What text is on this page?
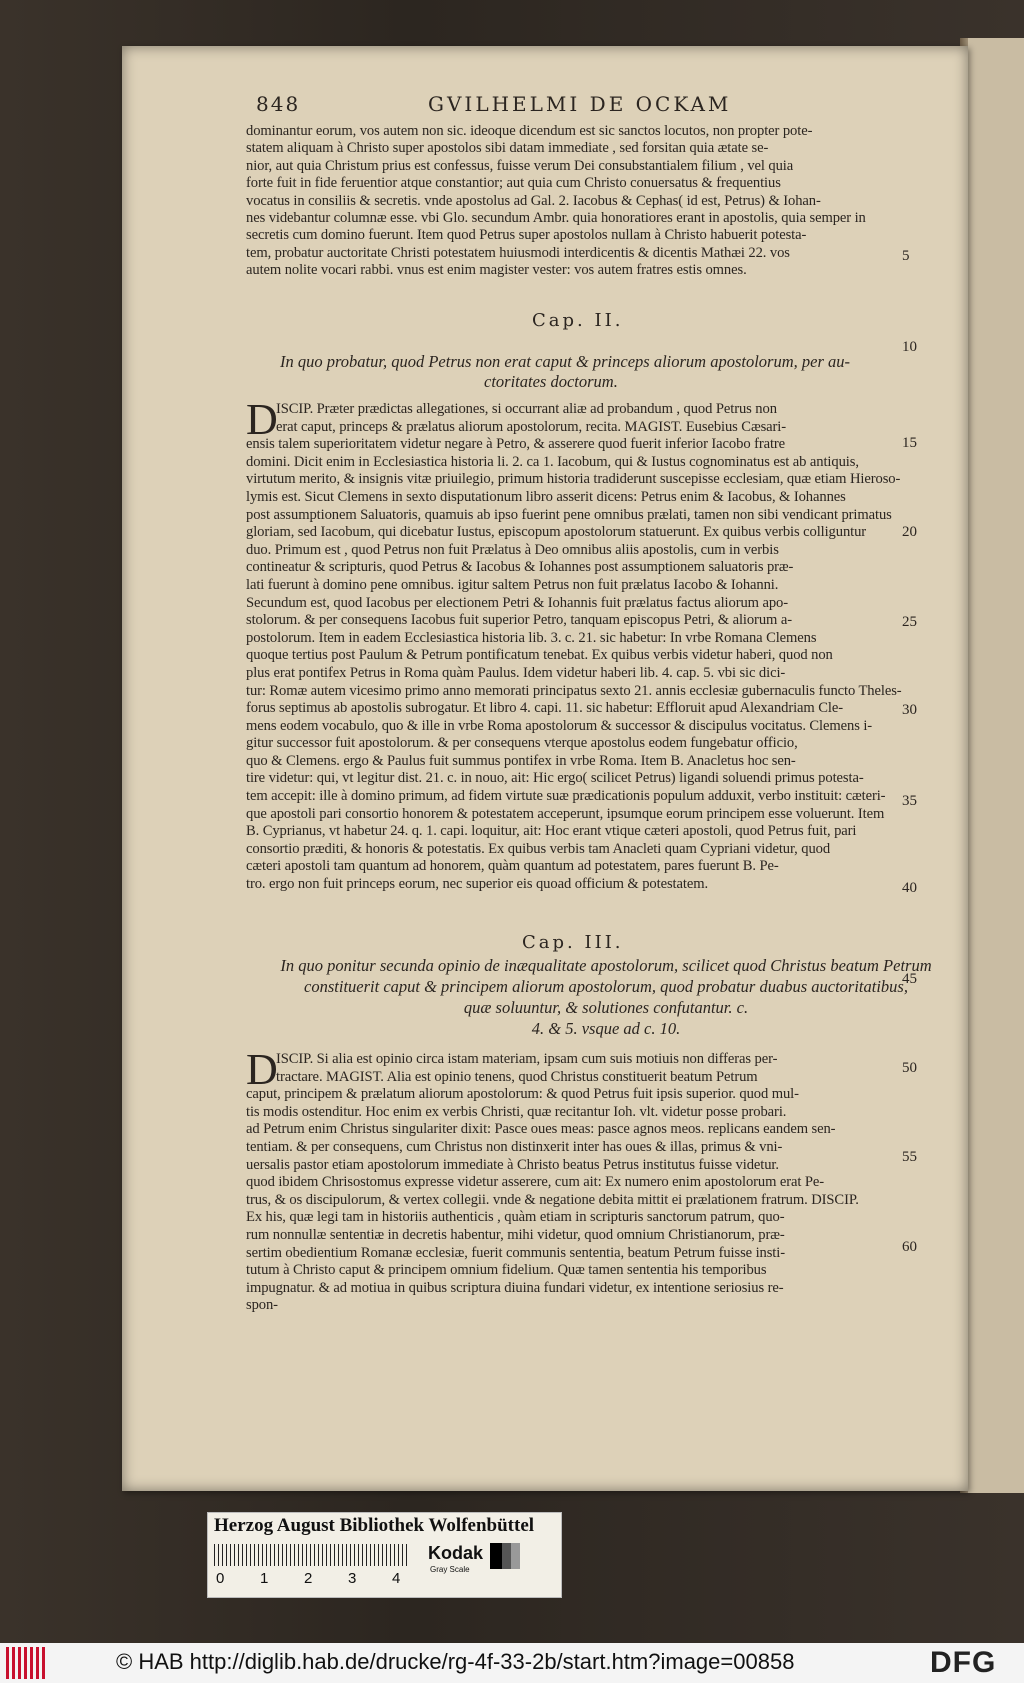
848	GVILHELMI DE OCKAM
dominantur eorum, vos autem non sic. ideoque dicendum est sic sanctos locutos, non propter pote-
statem aliquam à Christo super apostolos sibi datam immediate , sed forsitan quia ætate se-
nior, aut quia Christum prius est confessus, fuisse verum Dei consubstantialem filium , vel quia
forte fuit in fide feruentior atque constantior; aut quia cum Christo conuersatus & frequentius
vocatus in consiliis & secretis. vnde apostolus ad Gal. 2. Iacobus & Cephas( id est, Petrus) & Iohan-
nes videbantur columnæ esse. vbi Glo. secundum Ambr. quia honoratiores erant in apostolis, quia semper in
secretis cum domino fuerunt. Item quod Petrus super apostolos nullam à Christo habuerit potesta-
tem, probatur auctoritate Christi potestatem huiusmodi interdicentis & dicentis Mathæi 22. vos
autem nolite vocari rabbi. vnus est enim magister vester: vos autem fratres estis omnes.
Cap. II.
In quo probatur, quod Petrus non erat caput & princeps aliorum apostolorum, per au-
ctoritates doctorum.
D
ISCIP. Præter prædictas allegationes, si occurrant aliæ ad probandum , quod Petrus non
erat caput, princeps & prælatus aliorum apostolorum, recita. MAGIST. Eusebius Cæsari-
ensis talem superioritatem videtur negare à Petro, & asserere quod fuerit inferior Iacobo fratre
domini. Dicit enim in Ecclesiastica historia li. 2. ca 1. Iacobum, qui & Iustus cognominatus est ab antiquis,
virtutum merito, & insignis vitæ priuilegio, primum historia tradiderunt suscepisse ecclesiam, quæ etiam Hieroso-
lymis est. Sicut Clemens in sexto disputationum libro asserit dicens: Petrus enim & Iacobus, & Iohannes
post assumptionem Saluatoris, quamuis ab ipso fuerint pene omnibus prælati, tamen non sibi vendicant primatus
gloriam, sed Iacobum, qui dicebatur Iustus, episcopum apostolorum statuerunt. Ex quibus verbis colliguntur
duo. Primum est , quod Petrus non fuit Prælatus à Deo omnibus aliis apostolis, cum in verbis
contineatur & scripturis, quod Petrus & Iacobus & Iohannes post assumptionem saluatoris præ-
lati fuerunt à domino pene omnibus. igitur saltem Petrus non fuit prælatus Iacobo & Iohanni.
Secundum est, quod Iacobus per electionem Petri & Iohannis fuit prælatus factus aliorum apo-
stolorum. & per consequens Iacobus fuit superior Petro, tanquam episcopus Petri, & aliorum a-
postolorum. Item in eadem Ecclesiastica historia lib. 3. c. 21. sic habetur: In vrbe Romana Clemens
quoque tertius post Paulum & Petrum pontificatum tenebat. Ex quibus verbis videtur haberi, quod non
plus erat pontifex Petrus in Roma quàm Paulus. Idem videtur haberi lib. 4. cap. 5. vbi sic dici-
tur: Romæ autem vicesimo primo anno memorati principatus sexto 21. annis ecclesiæ gubernaculis functo Theles-
forus septimus ab apostolis subrogatur. Et libro 4. capi. 11. sic habetur: Effloruit apud Alexandriam Cle-
mens eodem vocabulo, quo & ille in vrbe Roma apostolorum & successor & discipulus vocitatus. Clemens i-
gitur successor fuit apostolorum. & per consequens vterque apostolus eodem fungebatur officio,
quo & Clemens. ergo & Paulus fuit summus pontifex in vrbe Roma. Item B. Anacletus hoc sen-
tire videtur: qui, vt legitur dist. 21. c. in nouo, ait: Hic ergo( scilicet Petrus) ligandi soluendi primus potesta-
tem accepit: ille à domino primum, ad fidem virtute suæ prædicationis populum adduxit, verbo instituit: cæteri-
que apostoli pari consortio honorem & potestatem acceperunt, ipsumque eorum principem esse voluerunt. Item
B. Cyprianus, vt habetur 24. q. 1. capi. loquitur, ait: Hoc erant vtique cæteri apostoli, quod Petrus fuit, pari
consortio præditi, & honoris & potestatis. Ex quibus verbis tam Anacleti quam Cypriani videtur, quod
cæteri apostoli tam quantum ad honorem, quàm quantum ad potestatem, pares fuerunt B. Pe-
tro. ergo non fuit princeps eorum, nec superior eis quoad officium & potestatem.
Cap. III.
In quo ponitur secunda opinio de inæqualitate apostolorum, scilicet quod Christus beatum Petrum
constituerit caput & principem aliorum apostolorum, quod probatur duabus auctoritatibus,
quæ soluuntur, & solutiones confutantur. c.
4. & 5. vsque ad c. 10.
D
ISCIP. Si alia est opinio circa istam materiam, ipsam cum suis motiuis non differas per-
tractare. MAGIST. Alia est opinio tenens, quod Christus constituerit beatum Petrum
caput, principem & prælatum aliorum apostolorum: & quod Petrus fuit ipsis superior. quod mul-
tis modis ostenditur. Hoc enim ex verbis Christi, quæ recitantur Ioh. vlt. videtur posse probari.
ad Petrum enim Christus singulariter dixit: Pasce oues meas: pasce agnos meos. replicans eandem sen-
tentiam. & per consequens, cum Christus non distinxerit inter has oues & illas, primus & vni-
uersalis pastor etiam apostolorum immediate à Christo beatus Petrus institutus fuisse videtur.
quod ibidem Chrisostomus expresse videtur asserere, cum ait: Ex numero enim apostolorum erat Pe-
trus, & os discipulorum, & vertex collegii. vnde & negatione debita mittit ei prælationem fratrum. DISCIP.
Ex his, quæ legi tam in historiis authenticis , quàm etiam in scripturis sanctorum patrum, quo-
rum nonnullæ sententiæ in decretis habentur, mihi videtur, quod omnium Christianorum, præ-
sertim obedientium Romanæ ecclesiæ, fuerit communis sententia, beatum Petrum fuisse insti-
tutum à Christo caput & principem omnium fidelium. Quæ tamen sententia his temporibus
impugnatur. & ad motiua in quibus scriptura diuina fundari videtur, ex intentione seriosius re-
spon-
5
10
15
20
25
30
35
40
45
50
55
60
Herzog August Bibliothek Wolfenbüttel
0 1 2 3 4
Kodak
Gray Scale
© HAB http://diglib.hab.de/drucke/rg-4f-33-2b/start.htm?image=00858	DFG
